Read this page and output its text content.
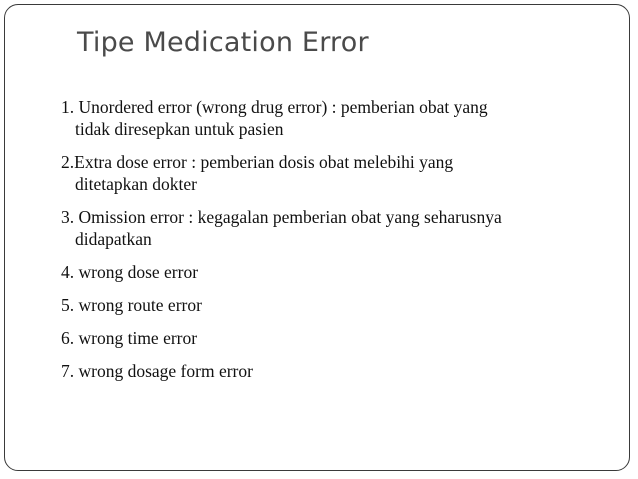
Tipe Medication Error
1. Unordered error (wrong drug error) : pemberian obat yang
tidak diresepkan untuk pasien
2.Extra dose error : pemberian dosis obat melebihi yang
ditetapkan dokter
3. Omission error : kegagalan pemberian obat yang seharusnya
didapatkan
4. wrong dose error
5. wrong route error
6. wrong time error
7. wrong dosage form error
